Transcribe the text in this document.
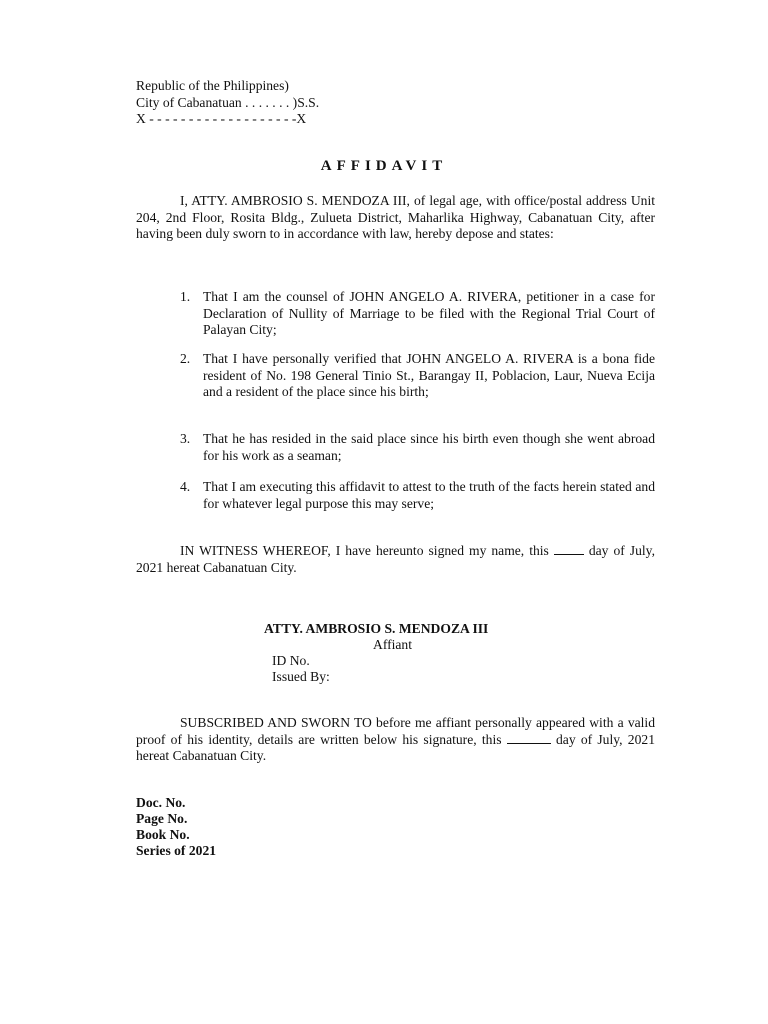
Republic of the Philippines)
City of Cabanatuan . . . . . . . )S.S.
X - - - - - - - - - - - - - - - - - - -X
AFFIDAVIT
I, ATTY. AMBROSIO S. MENDOZA III, of legal age, with office/postal address Unit 204, 2nd Floor, Rosita Bldg., Zulueta District, Maharlika Highway, Cabanatuan City, after having been duly sworn to in accordance with law, hereby depose and states:
1. That I am the counsel of JOHN ANGELO A. RIVERA, petitioner in a case for Declaration of Nullity of Marriage to be filed with the Regional Trial Court of Palayan City;
2. That I have personally verified that JOHN ANGELO A. RIVERA is a bona fide resident of No. 198 General Tinio St., Barangay II, Poblacion, Laur, Nueva Ecija and a resident of the place since his birth;
3. That he has resided in the said place since his birth even though she went abroad for his work as a seaman;
4. That I am executing this affidavit to attest to the truth of the facts herein stated and for whatever legal purpose this may serve;
IN WITNESS WHEREOF, I have hereunto signed my name, this	day of July, 2021 hereat Cabanatuan City.
ATTY. AMBROSIO S. MENDOZA III
Affiant
ID No.
Issued By:
SUBSCRIBED AND SWORN TO before me affiant personally appeared with a valid proof of his identity, details are written below his signature, this	day of July, 2021 hereat Cabanatuan City.
Doc. No.
Page No.
Book No.
Series of 2021
